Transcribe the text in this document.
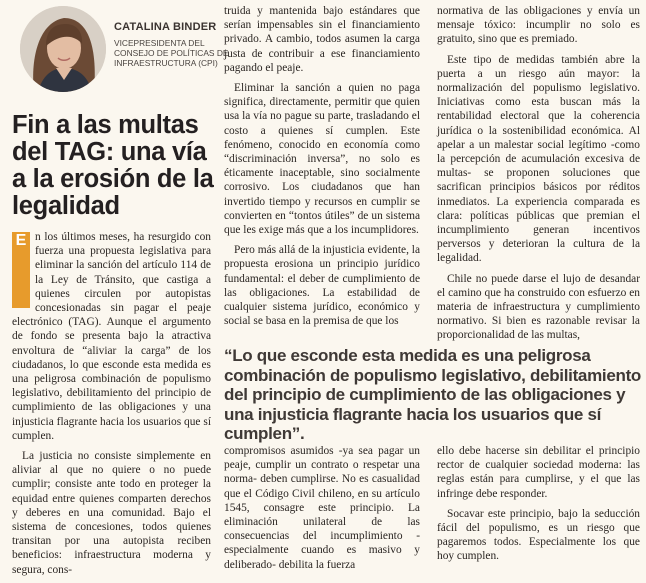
CATALINA BINDER
VICEPRESIDENTA DEL CONSEJO DE POLÍTICAS DE INFRAESTRUCTURA (CPI)
Fin a las multas del TAG: una vía a la erosión de la legalidad

E n los últimos meses, ha resurgido con fuerza una propuesta legislativa para eliminar la sanción del artículo 114 de la Ley de Tránsito, que castiga a quienes circulen por autopistas concesionadas sin pagar el peaje electrónico (TAG). Aunque el argumento de fondo se presenta bajo la atractiva envoltura de “aliviar la carga” de los ciudadanos, lo que esconde esta medida es una peligrosa combinación de populismo legislativo, debilitamiento del principio de cumplimiento de las obligaciones y una injusticia flagrante hacia los usuarios que sí cumplen.

La justicia no consiste simplemente en aliviar al que no quiere o no puede cumplir; consiste ante todo en proteger la equidad entre quienes comparten derechos y deberes en una comunidad. Bajo el sistema de concesiones, todos quienes transitan por una autopista reciben beneficios: infraestructura moderna y segura, cons-

truida y mantenida bajo estándares que serían impensables sin el financiamiento privado. A cambio, todos asumen la carga justa de contribuir a ese financiamiento pagando el peaje.

Eliminar la sanción a quien no paga significa, directamente, permitir que quien usa la vía no pague su parte, trasladando el costo a quienes sí cumplen. Este fenómeno, conocido en economía como “discriminación inversa”, no solo es éticamente inaceptable, sino socialmente corrosivo. Los ciudadanos que han invertido tiempo y recursos en cumplir se convierten en “tontos útiles” de un sistema que les exige más que a los incumplidores.

Pero más allá de la injusticia evidente, la propuesta erosiona un principio jurídico fundamental: el deber de cumplimiento de las obligaciones. La estabilidad de cualquier sistema jurídico, económico y social se basa en la premisa de que los

normativa de las obligaciones y envía un mensaje tóxico: incumplir no solo es gratuito, sino que es premiado.

Este tipo de medidas también abre la puerta a un riesgo aún mayor: la normalización del populismo legislativo. Iniciativas como esta buscan más la rentabilidad electoral que la coherencia jurídica o la sostenibilidad económica. Al apelar a un malestar social legítimo -como la percepción de acumulación excesiva de multas- se proponen soluciones que sacrifican principios básicos por réditos inmediatos. La experiencia comparada es clara: políticas públicas que premian el incumplimiento generan incentivos perversos y deterioran la cultura de la legalidad.

Chile no puede darse el lujo de desandar el camino que ha construido con esfuerzo en materia de infraestructura y cumplimiento normativo. Si bien es razonable revisar la proporcionalidad de las multas,

“Lo que esconde esta medida es una peligrosa combinación de populismo legislativo, debilitamiento del principio de cumplimiento de las obligaciones y una injusticia flagrante hacia los usuarios que sí cumplen”.

compromisos asumidos -ya sea pagar un peaje, cumplir un contrato o respetar una norma- deben cumplirse. No es casualidad que el Código Civil chileno, en su artículo 1545, consagre este principio. La eliminación unilateral de las consecuencias del incumplimiento -especialmente cuando es masivo y deliberado- debilita la fuerza

ello debe hacerse sin debilitar el principio rector de cualquier sociedad moderna: las reglas están para cumplirse, y el que las infringe debe responder.

Socavar este principio, bajo la seducción fácil del populismo, es un riesgo que pagaremos todos. Especialmente los que hoy cumplen.
